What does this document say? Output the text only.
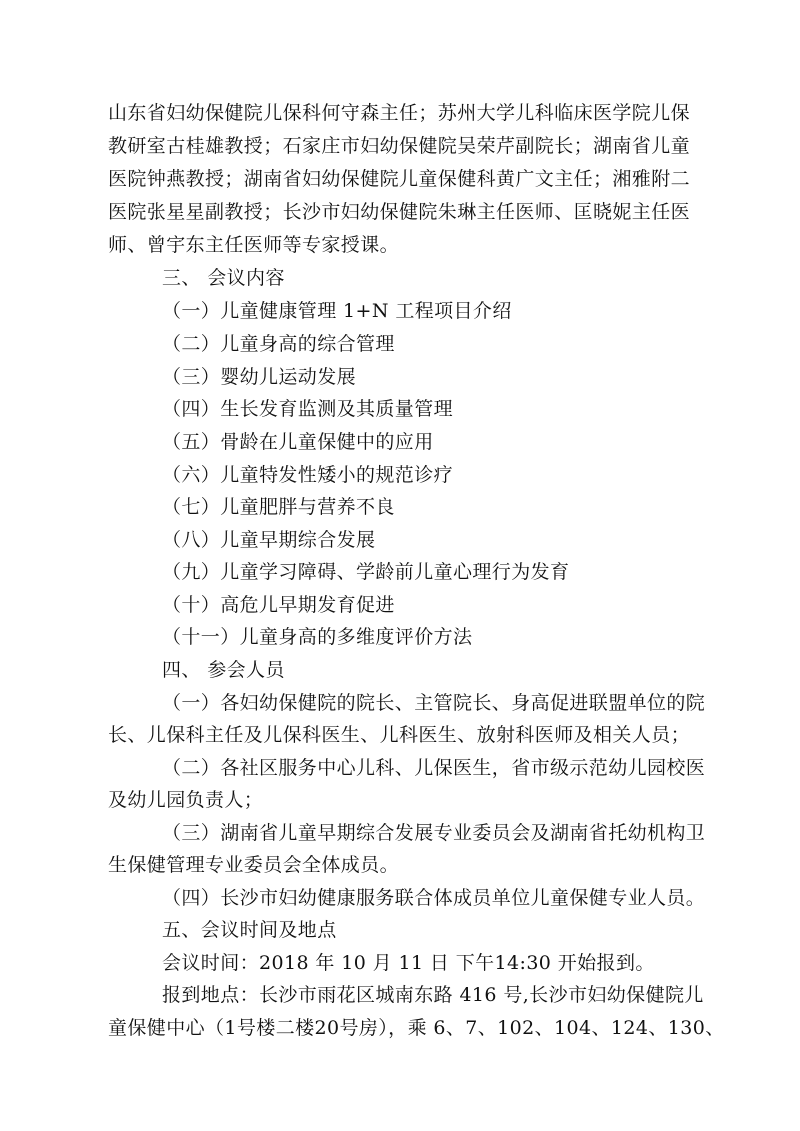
山东省妇幼保健院儿保科何守森主任；苏州大学儿科临床医学院儿保
教研室古桂雄教授；石家庄市妇幼保健院吴荣芹副院长；湖南省儿童
医院钟燕教授；湖南省妇幼保健院儿童保健科黄广文主任；湘雅附二
医院张星星副教授；长沙市妇幼保健院朱琳主任医师、匡晓妮主任医
师、曾宇东主任医师等专家授课。
三、 会议内容
（一）儿童健康管理 1+N 工程项目介绍
（二）儿童身高的综合管理
（三）婴幼儿运动发展
（四）生长发育监测及其质量管理
（五）骨龄在儿童保健中的应用
（六）儿童特发性矮小的规范诊疗
（七）儿童肥胖与营养不良
（八）儿童早期综合发展
（九）儿童学习障碍、学龄前儿童心理行为发育
（十）高危儿早期发育促进
（十一）儿童身高的多维度评价方法
四、 参会人员
（一）各妇幼保健院的院长、主管院长、身高促进联盟单位的院
长、儿保科主任及儿保科医生、儿科医生、放射科医师及相关人员；
（二）各社区服务中心儿科、儿保医生，省市级示范幼儿园校医
及幼儿园负责人；
（三）湖南省儿童早期综合发展专业委员会及湖南省托幼机构卫
生保健管理专业委员会全体成员。
（四）长沙市妇幼健康服务联合体成员单位儿童保健专业人员。
五、会议时间及地点
会议时间：2018 年 10 月 11 日 下午14:30 开始报到。
报到地点：长沙市雨花区城南东路 416 号,长沙市妇幼保健院儿
童保健中心（1号楼二楼20号房），乘 6、7、102、104、124、130、
